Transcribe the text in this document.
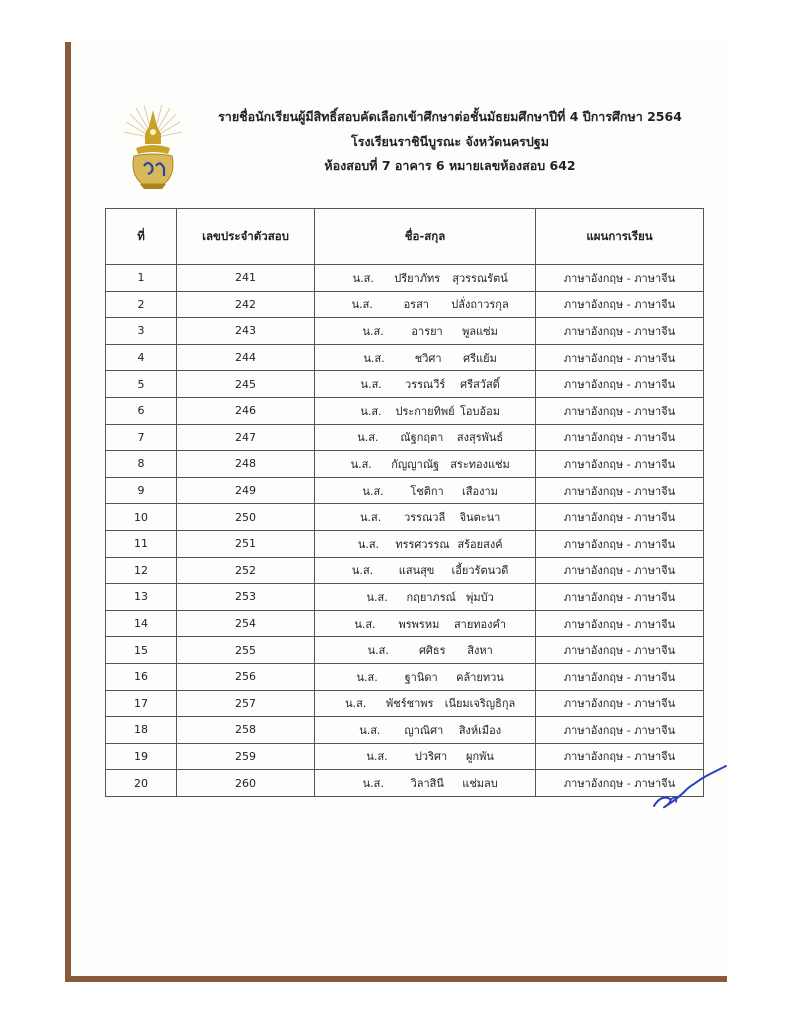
รายชื่อนักเรียนผู้มีสิทธิ์สอบคัดเลือกเข้าศึกษาต่อชั้นมัธยมศึกษาปีที่ 4 ปีการศึกษา 2564
โรงเรียนราชินีบูรณะ จังหวัดนครปฐม
ห้องสอบที่ 7 อาคาร 6 หมายเลขห้องสอบ 642
ที่	เลขประจำตัวสอบ	ชื่อ-สกุล	แผนการเรียน
1	241	น.ส. ปรียาภัทร สุวรรณรัตน์	ภาษาอังกฤษ - ภาษาจีน
2	242	น.ส. อรสา ปลั่งถาวรกุล	ภาษาอังกฤษ - ภาษาจีน
3	243	น.ส. อารยา พูลแซ่ม	ภาษาอังกฤษ - ภาษาจีน
4	244	น.ส. ชวิศา ศรีแย้ม	ภาษาอังกฤษ - ภาษาจีน
5	245	น.ส. วรรณวีร์ ศรีสวัสดิ์	ภาษาอังกฤษ - ภาษาจีน
6	246	น.ส. ประกายทิพย์ โอบอ้อม	ภาษาอังกฤษ - ภาษาจีน
7	247	น.ส. ณัฐกฤตา สงสุรพันธ์	ภาษาอังกฤษ - ภาษาจีน
8	248	น.ส. กัญญาณัฐ สระทองแช่ม	ภาษาอังกฤษ - ภาษาจีน
9	249	น.ส. โชติกา เสืองาม	ภาษาอังกฤษ - ภาษาจีน
10	250	น.ส. วรรณวลี จินตะนา	ภาษาอังกฤษ - ภาษาจีน
11	251	น.ส. ทรรศวรรณ สร้อยสงค์	ภาษาอังกฤษ - ภาษาจีน
12	252	น.ส. แสนสุข เอี้ยวรัตนวดี	ภาษาอังกฤษ - ภาษาจีน
13	253	น.ส. กฤยาภรณ์ พุ่มบัว	ภาษาอังกฤษ - ภาษาจีน
14	254	น.ส. พรพรหม สายทองคำ	ภาษาอังกฤษ - ภาษาจีน
15	255	น.ส. ศศิธร สิงหา	ภาษาอังกฤษ - ภาษาจีน
16	256	น.ส. ฐานิดา คล้ายทวน	ภาษาอังกฤษ - ภาษาจีน
17	257	น.ส. พัชร์ชาพร เนียมเจริญธิกุล	ภาษาอังกฤษ - ภาษาจีน
18	258	น.ส. ญาณิศา สิงห์เมือง	ภาษาอังกฤษ - ภาษาจีน
19	259	น.ส. ปวริศา ผูกพัน	ภาษาอังกฤษ - ภาษาจีน
20	260	น.ส. วิลาสินี แช่มลบ	ภาษาอังกฤษ - ภาษาจีน
